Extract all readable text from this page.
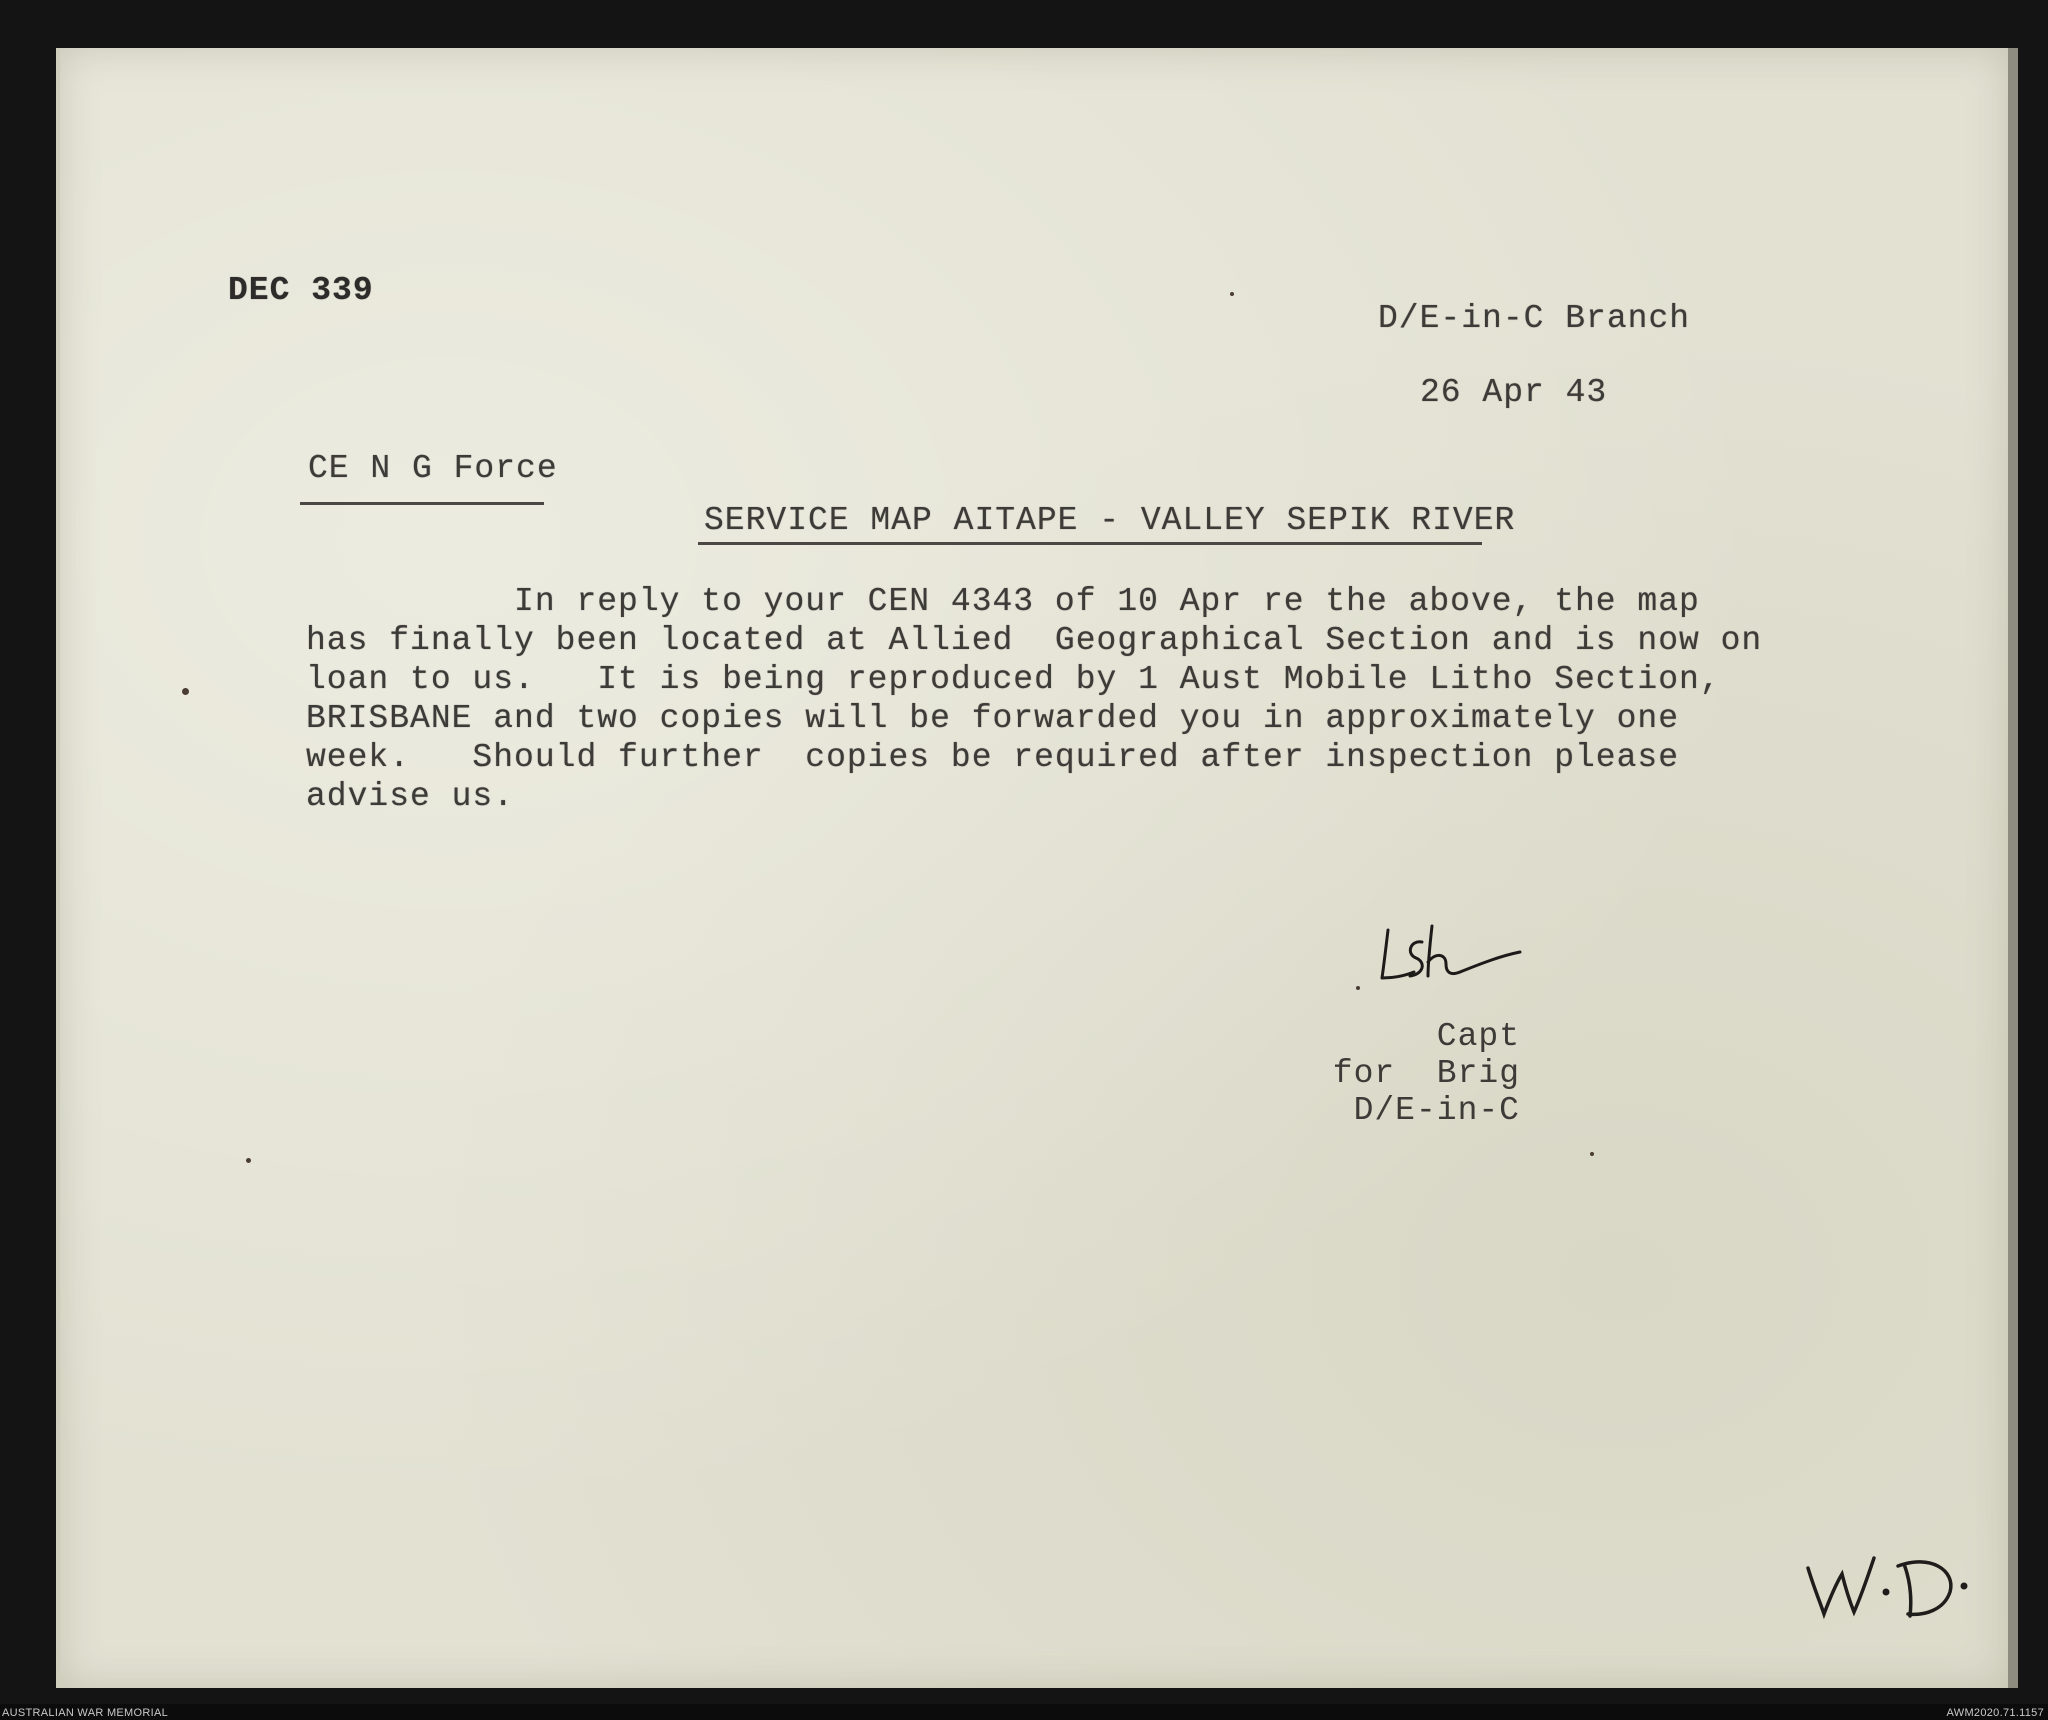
DEC 339
D/E-in-C Branch
26 Apr 43
CE N G Force
SERVICE MAP AITAPE - VALLEY SEPIK RIVER
In reply to your CEN 4343 of 10 Apr re the above, the map
has finally been located at Allied  Geographical Section and is now on
loan to us.   It is being reproduced by 1 Aust Mobile Litho Section,
BRISBANE and two copies will be forwarded you in approximately one
week.   Should further  copies be required after inspection please
advise us.
Capt
for  Brig
D/E-in-C
AUSTRALIAN WAR MEMORIAL	AWM2020.71.1157
